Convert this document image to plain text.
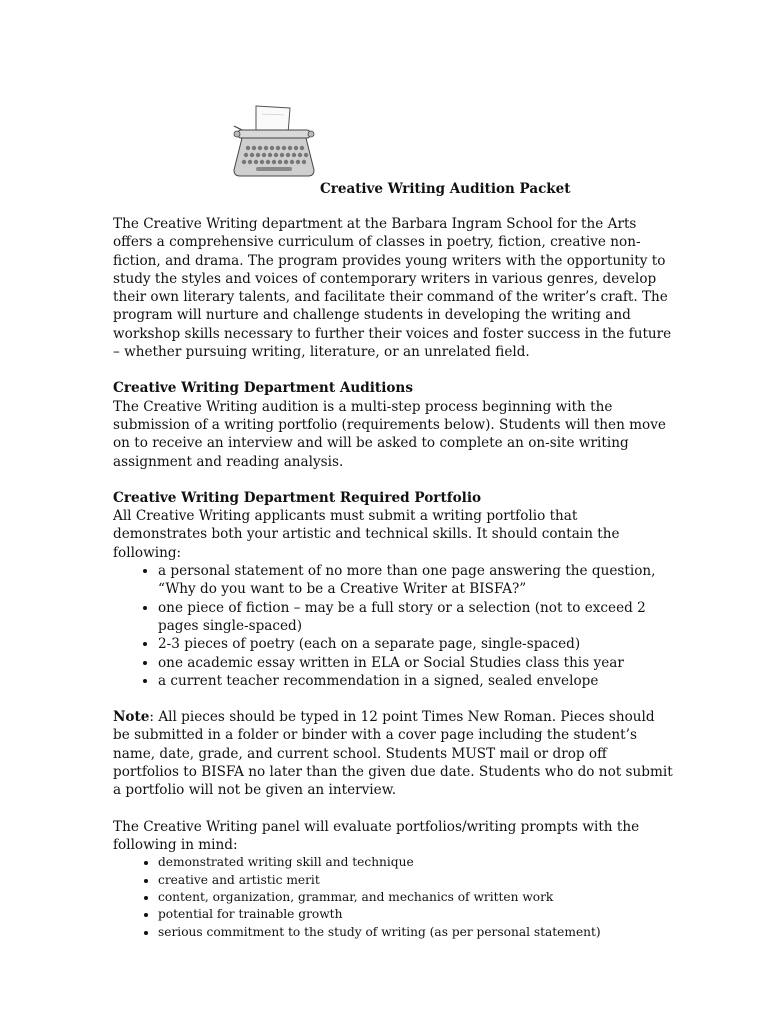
Creative Writing Audition Packet

The Creative Writing department at the Barbara Ingram School for the Arts offers a comprehensive curriculum of classes in poetry, fiction, creative non-fiction, and drama. The program provides young writers with the opportunity to study the styles and voices of contemporary writers in various genres, develop their own literary talents, and facilitate their command of the writer’s craft. The program will nurture and challenge students in developing the writing and workshop skills necessary to further their voices and foster success in the future – whether pursuing writing, literature, or an unrelated field.

Creative Writing Department Auditions

The Creative Writing audition is a multi-step process beginning with the submission of a writing portfolio (requirements below). Students will then move on to receive an interview and will be asked to complete an on-site writing assignment and reading analysis.

Creative Writing Department Required Portfolio

All Creative Writing applicants must submit a writing portfolio that demonstrates both your artistic and technical skills. It should contain the following:

• a personal statement of no more than one page answering the question, “Why do you want to be a Creative Writer at BISFA?”
• one piece of fiction – may be a full story or a selection (not to exceed 2 pages single-spaced)
• 2-3 pieces of poetry (each on a separate page, single-spaced)
• one academic essay written in ELA or Social Studies class this year
• a current teacher recommendation in a signed, sealed envelope

Note: All pieces should be typed in 12 point Times New Roman. Pieces should be submitted in a folder or binder with a cover page including the student’s name, date, grade, and current school. Students MUST mail or drop off portfolios to BISFA no later than the given due date. Students who do not submit a portfolio will not be given an interview.

The Creative Writing panel will evaluate portfolios/writing prompts with the following in mind:

• demonstrated writing skill and technique
• creative and artistic merit
• content, organization, grammar, and mechanics of written work
• potential for trainable growth
• serious commitment to the study of writing (as per personal statement)
